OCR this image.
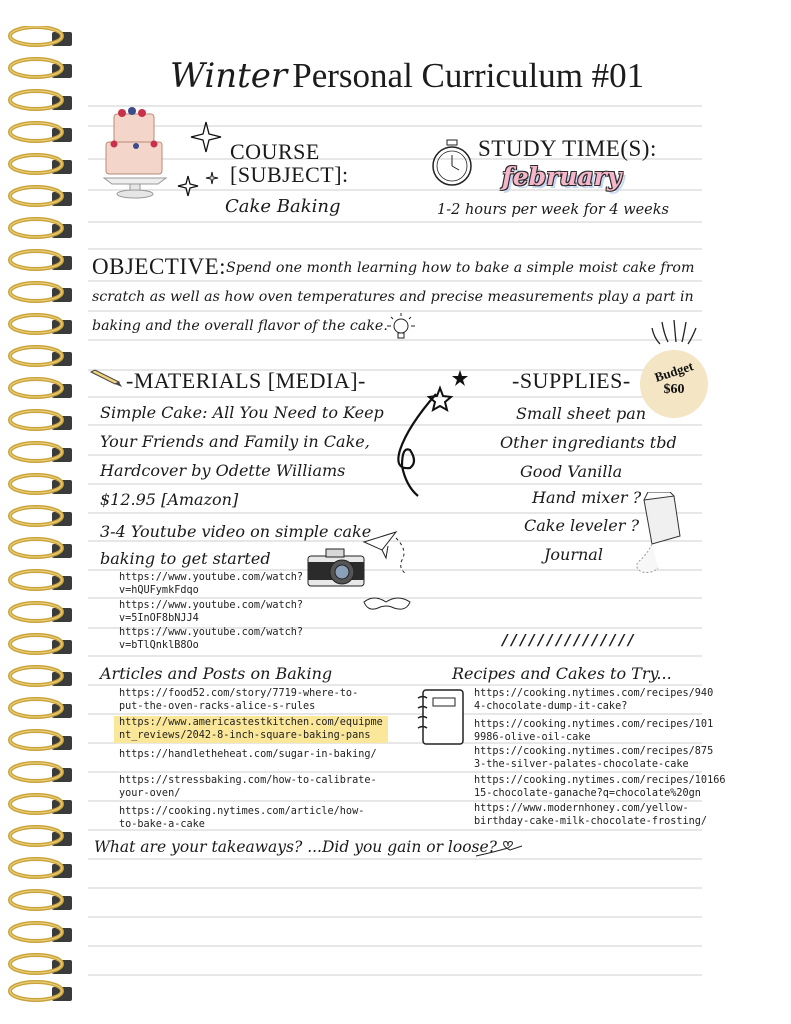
Winter Personal Curriculum #01
COURSE
[SUBJECT]:
Cake Baking
STUDY TIME(S):
february
1-2 hours per week for 4 weeks
OBJECTIVE: Spend one month learning how to bake a simple moist cake from
scratch as well as how oven temperatures and precise measurements play a part in
baking and the overall flavor of the cake.
Budget
$60
-MATERIALS [MEDIA]-
Simple Cake: All You Need to Keep
Your Friends and Family in Cake,
Hardcover by Odette Williams
$12.95 [Amazon]
3-4 Youtube video on simple cake
baking to get started
https://www.youtube.com/watch?
v=hQUFymkFdqo
https://www.youtube.com/watch?
v=5InOF8bNJJ4
https://www.youtube.com/watch?
v=bTlQnklB8Oo
-SUPPLIES-
Small sheet pan
Other ingrediants tbd
Good Vanilla
Hand mixer ?
Cake leveler ?
Journal
///////////////
Articles and Posts on Baking
https://food52.com/story/7719-where-to-
put-the-oven-racks-alice-s-rules
https://www.americastestkitchen.com/equipme
nt_reviews/2042-8-inch-square-baking-pans
https://handletheheat.com/sugar-in-baking/
https://stressbaking.com/how-to-calibrate-
your-oven/
https://cooking.nytimes.com/article/how-
to-bake-a-cake
Recipes and Cakes to Try...
https://cooking.nytimes.com/recipes/940
4-chocolate-dump-it-cake?
https://cooking.nytimes.com/recipes/101
9986-olive-oil-cake
https://cooking.nytimes.com/recipes/875
3-the-silver-palates-chocolate-cake
https://cooking.nytimes.com/recipes/10166
15-chocolate-ganache?q=chocolate%20gn
https://www.modernhoney.com/yellow-
birthday-cake-milk-chocolate-frosting/
What are your takeaways? ...Did you gain or loose?
